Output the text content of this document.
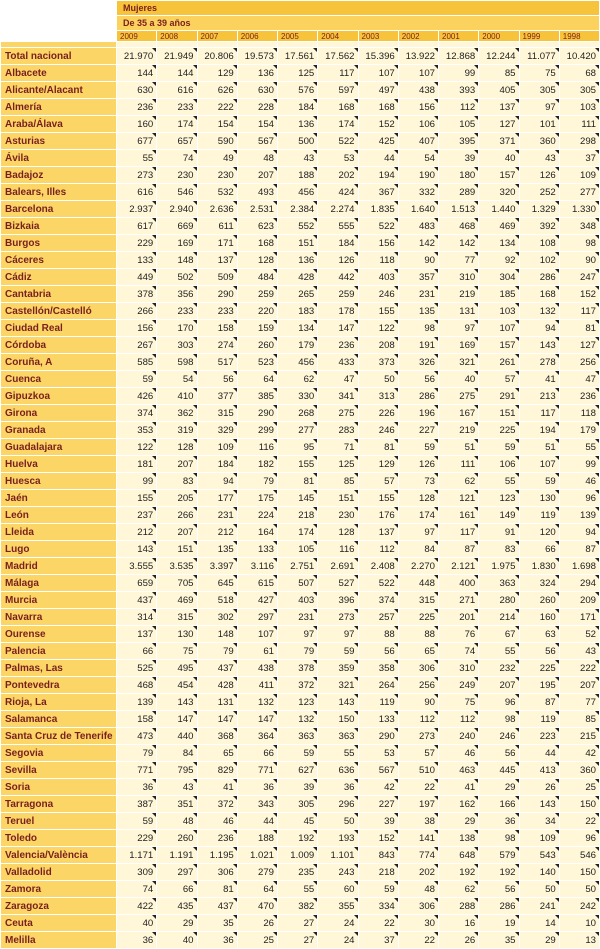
	Mujeres											
	De 35 a 39 años											
	2009	2008	2007	2006	2005	2004	2003	2002	2001	2000	1999	1998

Total nacional	21.970	21.949	20.806	19.573	17.561	17.562	15.396	13.922	12.868	12.244	11.077	10.420
Albacete	144	144	129	136	125	117	107	107	99	85	75	68
Alicante/Alacant	630	616	626	630	576	597	497	438	393	405	305	305
Almería	236	233	222	228	184	168	168	156	112	137	97	103
Araba/Álava	160	174	154	154	136	174	152	106	105	127	101	111
Asturias	677	657	590	567	500	522	425	407	395	371	360	298
Ávila	55	74	49	48	43	53	44	54	39	40	43	37
Badajoz	273	230	230	207	188	202	194	190	180	157	126	109
Balears, Illes	616	546	532	493	456	424	367	332	289	320	252	277
Barcelona	2.937	2.940	2.636	2.531	2.384	2.274	1.835	1.640	1.513	1.440	1.329	1.330
Bizkaia	617	669	611	623	552	555	522	483	468	469	392	348
Burgos	229	169	171	168	151	184	156	142	142	134	108	98
Cáceres	133	148	137	128	136	126	118	90	77	92	102	90
Cádiz	449	502	509	484	428	442	403	357	310	304	286	247
Cantabria	378	356	290	259	265	259	246	231	219	185	168	152
Castellón/Castelló	266	233	233	220	183	178	155	135	131	103	132	117
Ciudad Real	156	170	158	159	134	147	122	98	97	107	94	81
Córdoba	267	303	274	260	179	236	208	191	169	157	143	127
Coruña, A	585	598	517	523	456	433	373	326	321	261	278	256
Cuenca	59	54	56	64	62	47	50	56	40	57	41	47
Gipuzkoa	426	410	377	385	330	341	313	286	275	291	213	236
Girona	374	362	315	290	268	275	226	196	167	151	117	118
Granada	353	319	329	299	277	283	246	227	219	225	194	179
Guadalajara	122	128	109	116	95	71	81	59	51	59	51	55
Huelva	181	207	184	182	155	125	129	126	111	106	107	99
Huesca	99	83	94	79	81	85	57	73	62	55	59	46
Jaén	155	205	177	175	145	151	155	128	121	123	130	96
León	237	266	231	224	218	230	176	174	161	149	119	139
Lleida	212	207	212	164	174	128	137	97	117	91	120	94
Lugo	143	151	135	133	105	116	112	84	87	83	66	87
Madrid	3.555	3.535	3.397	3.116	2.751	2.691	2.408	2.270	2.121	1.975	1.830	1.698
Málaga	659	705	645	615	507	527	522	448	400	363	324	294
Murcia	437	469	518	427	403	396	374	315	271	280	260	209
Navarra	314	315	302	297	231	273	257	225	201	214	160	171
Ourense	137	130	148	107	97	97	88	88	76	67	63	52
Palencia	66	75	79	61	79	59	56	65	74	55	56	43
Palmas, Las	525	495	437	438	378	359	358	306	310	232	225	222
Pontevedra	468	454	428	411	372	321	264	256	249	207	195	207
Rioja, La	139	143	131	132	123	143	119	90	75	96	87	77
Salamanca	158	147	147	147	132	150	133	112	112	98	119	85
Santa Cruz de Tenerife	473	440	368	364	363	363	290	273	240	246	223	215
Segovia	79	84	65	66	59	55	53	57	46	56	44	42
Sevilla	771	795	829	771	627	636	567	510	463	445	413	360
Soria	36	43	41	36	39	36	42	22	41	29	26	25
Tarragona	387	351	372	343	305	296	227	197	162	166	143	150
Teruel	59	48	46	44	45	50	39	38	29	36	34	22
Toledo	229	260	236	188	192	193	152	141	138	98	109	96
Valencia/València	1.171	1.191	1.195	1.021	1.009	1.101	843	774	648	579	543	546
Valladolid	309	297	306	279	235	243	218	202	192	192	140	150
Zamora	74	66	81	64	55	60	59	48	62	56	50	50
Zaragoza	422	435	437	470	382	355	334	306	288	286	241	242
Ceuta	40	29	35	26	27	24	22	30	16	19	14	10
Melilla	36	40	36	25	27	24	37	22	26	35	29	13
